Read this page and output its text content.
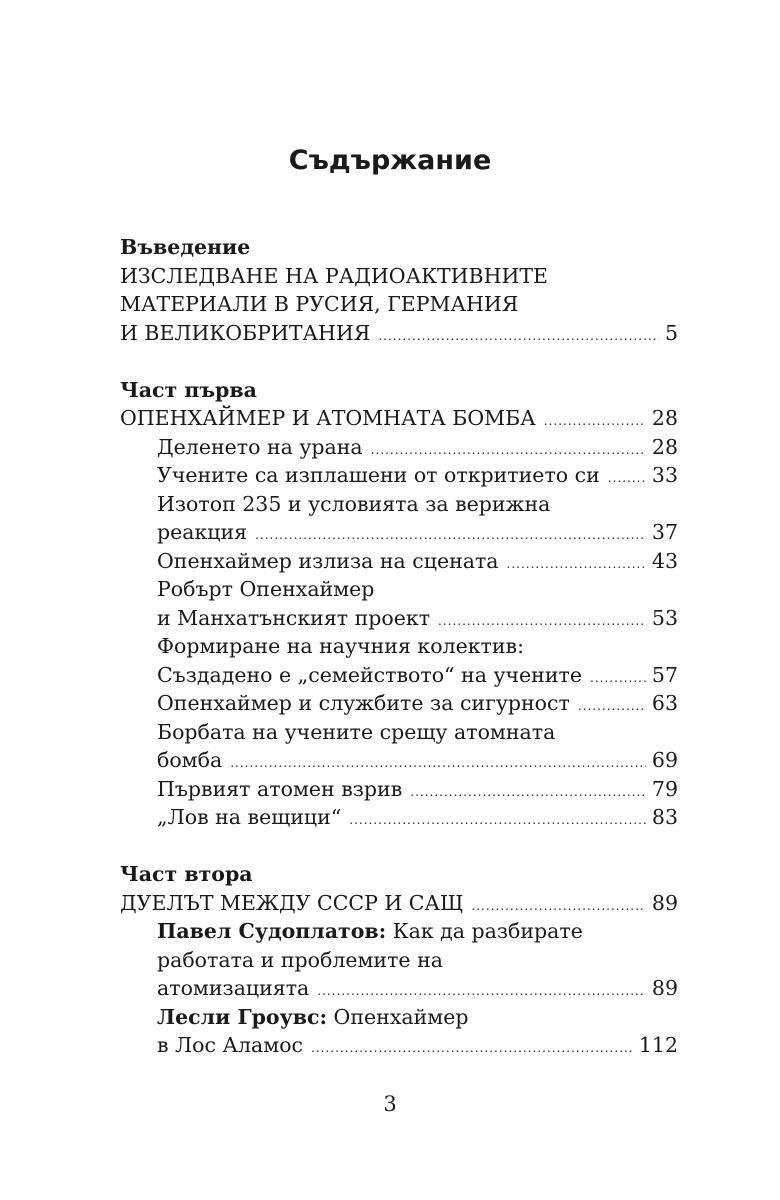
Съдържание
Въведение
ИЗСЛЕДВАНЕ НА РАДИОАКТИВНИТЕ
МАТЕРИАЛИ В РУСИЯ, ГЕРМАНИЯ
И ВЕЛИКОБРИТАНИЯ .....	5
Част първа
ОПЕНХАЙМЕР И АТОМНАТА БОМБА .....	28
Деленето на урана .....	28
Учените са изплашени от откритието си .....	33
Изотоп 235 и условията за верижна
реакция .....	37
Опенхаймер излиза на сцената .....	43
Робърт Опенхаймер
и Манхатънският проект .....	53
Формиране на научния колектив:
Създадено е „семейството“ на учените .....	57
Опенхаймер и службите за сигурност .....	63
Борбата на учените срещу атомната
бомба .....	69
Първият атомен взрив .....	79
„Лов на вещици“ .....	83
Част втора
ДУЕЛЪТ МЕЖДУ СССР И САЩ .....	89
Павел Судоплатов: Как да разбирате
работата и проблемите на
атомизацията .....	89
Лесли Гроувс: Опенхаймер
в Лос Аламос .....	112
3
